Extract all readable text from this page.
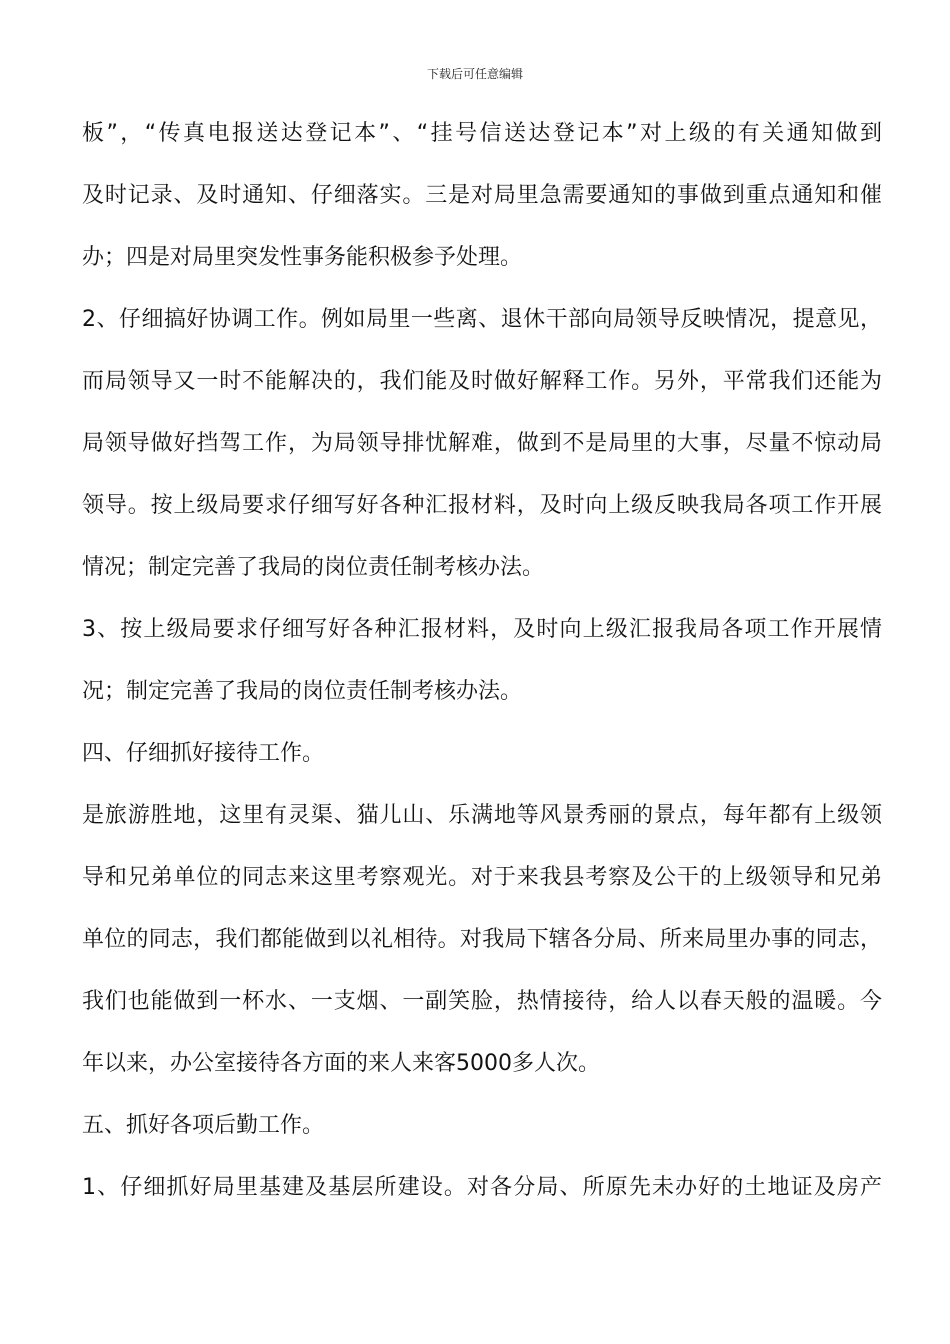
下载后可任意编辑
板”，“传真电报送达登记本”、“挂号信送达登记本”对上级的有关通知做到
及时记录、及时通知、仔细落实。三是对局里急需要通知的事做到重点通知和催
办；四是对局里突发性事务能积极参予处理。
2、仔细搞好协调工作。例如局里一些离、退休干部向局领导反映情况，提意见，
而局领导又一时不能解决的，我们能及时做好解释工作。另外，平常我们还能为
局领导做好挡驾工作，为局领导排忧解难，做到不是局里的大事，尽量不惊动局
领导。按上级局要求仔细写好各种汇报材料，及时向上级反映我局各项工作开展
情况；制定完善了我局的岗位责任制考核办法。
3、按上级局要求仔细写好各种汇报材料，及时向上级汇报我局各项工作开展情
况；制定完善了我局的岗位责任制考核办法。
四、仔细抓好接待工作。
是旅游胜地，这里有灵渠、猫儿山、乐满地等风景秀丽的景点，每年都有上级领
导和兄弟单位的同志来这里考察观光。对于来我县考察及公干的上级领导和兄弟
单位的同志，我们都能做到以礼相待。对我局下辖各分局、所来局里办事的同志，
我们也能做到一杯水、一支烟、一副笑脸，热情接待，给人以春天般的温暖。今
年以来，办公室接待各方面的来人来客5000多人次。
五、抓好各项后勤工作。
1、仔细抓好局里基建及基层所建设。对各分局、所原先未办好的土地证及房产
